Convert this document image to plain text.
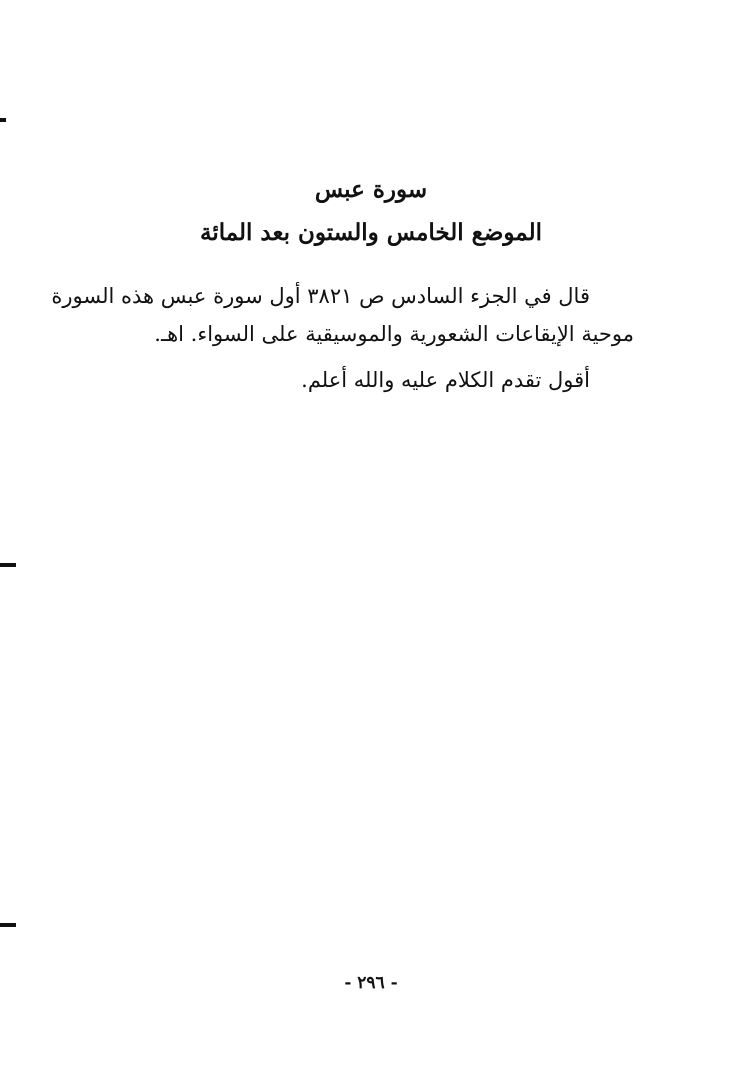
سورة عبس
الموضع الخامس والستون بعد المائة
قال في الجزء السادس ص ٣٨٢١ أول سورة عبس هذه السورة
موحية الإيقاعات الشعورية والموسيقية على السواء. اهـ.
أقول تقدم الكلام عليه والله أعلم.
- ٢٩٦ -
